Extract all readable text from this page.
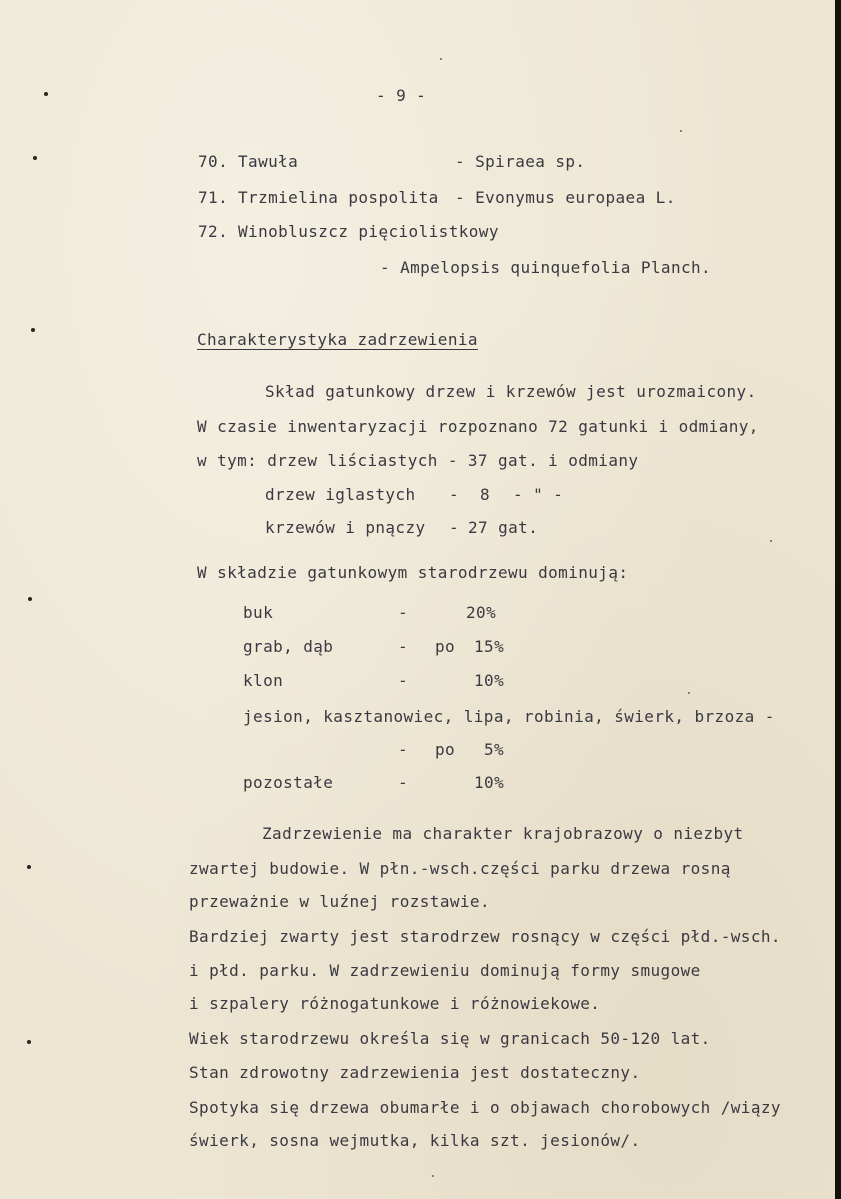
- 9 -
70. Tawuła	- Spiraea sp.
71. Trzmielina pospolita - Evonymus europaea L.
72. Winobluszcz pięciolistkowy
- Ampelopsis quinquefolia Planch.
Charakterystyka zadrzewienia
Skład gatunkowy drzew i krzewów jest urozmaicony.
W czasie inwentaryzacji rozpoznano 72 gatunki i odmiany,
w tym: drzew liściastych - 37 gat. i odmiany
drzew iglastych - 8 - " -
krzewów i pnączy - 27 gat.
W składzie gatunkowym starodrzewu dominują:
buk	-	20%
grab, dąb	- po 15%
klon	-	10%
jesion, kasztanowiec, lipa, robinia, świerk, brzoza -
- po 5%
pozostałe	-	10%
Zadrzewienie ma charakter krajobrazowy o niezbyt
zwartej budowie. W płn.-wsch.części parku drzewa rosną
przeważnie w luźnej rozstawie.
Bardziej zwarty jest starodrzew rosnący w części płd.-wsch.
i płd. parku. W zadrzewieniu dominują formy smugowe
i szpalery różnogatunkowe i różnowiekowe.
Wiek starodrzewu określa się w granicach 50-120 lat.
Stan zdrowotny zadrzewienia jest dostateczny.
Spotyka się drzewa obumarłe i o objawach chorobowych /wiązy
świerk, sosna wejmutka, kilka szt. jesionów/.
